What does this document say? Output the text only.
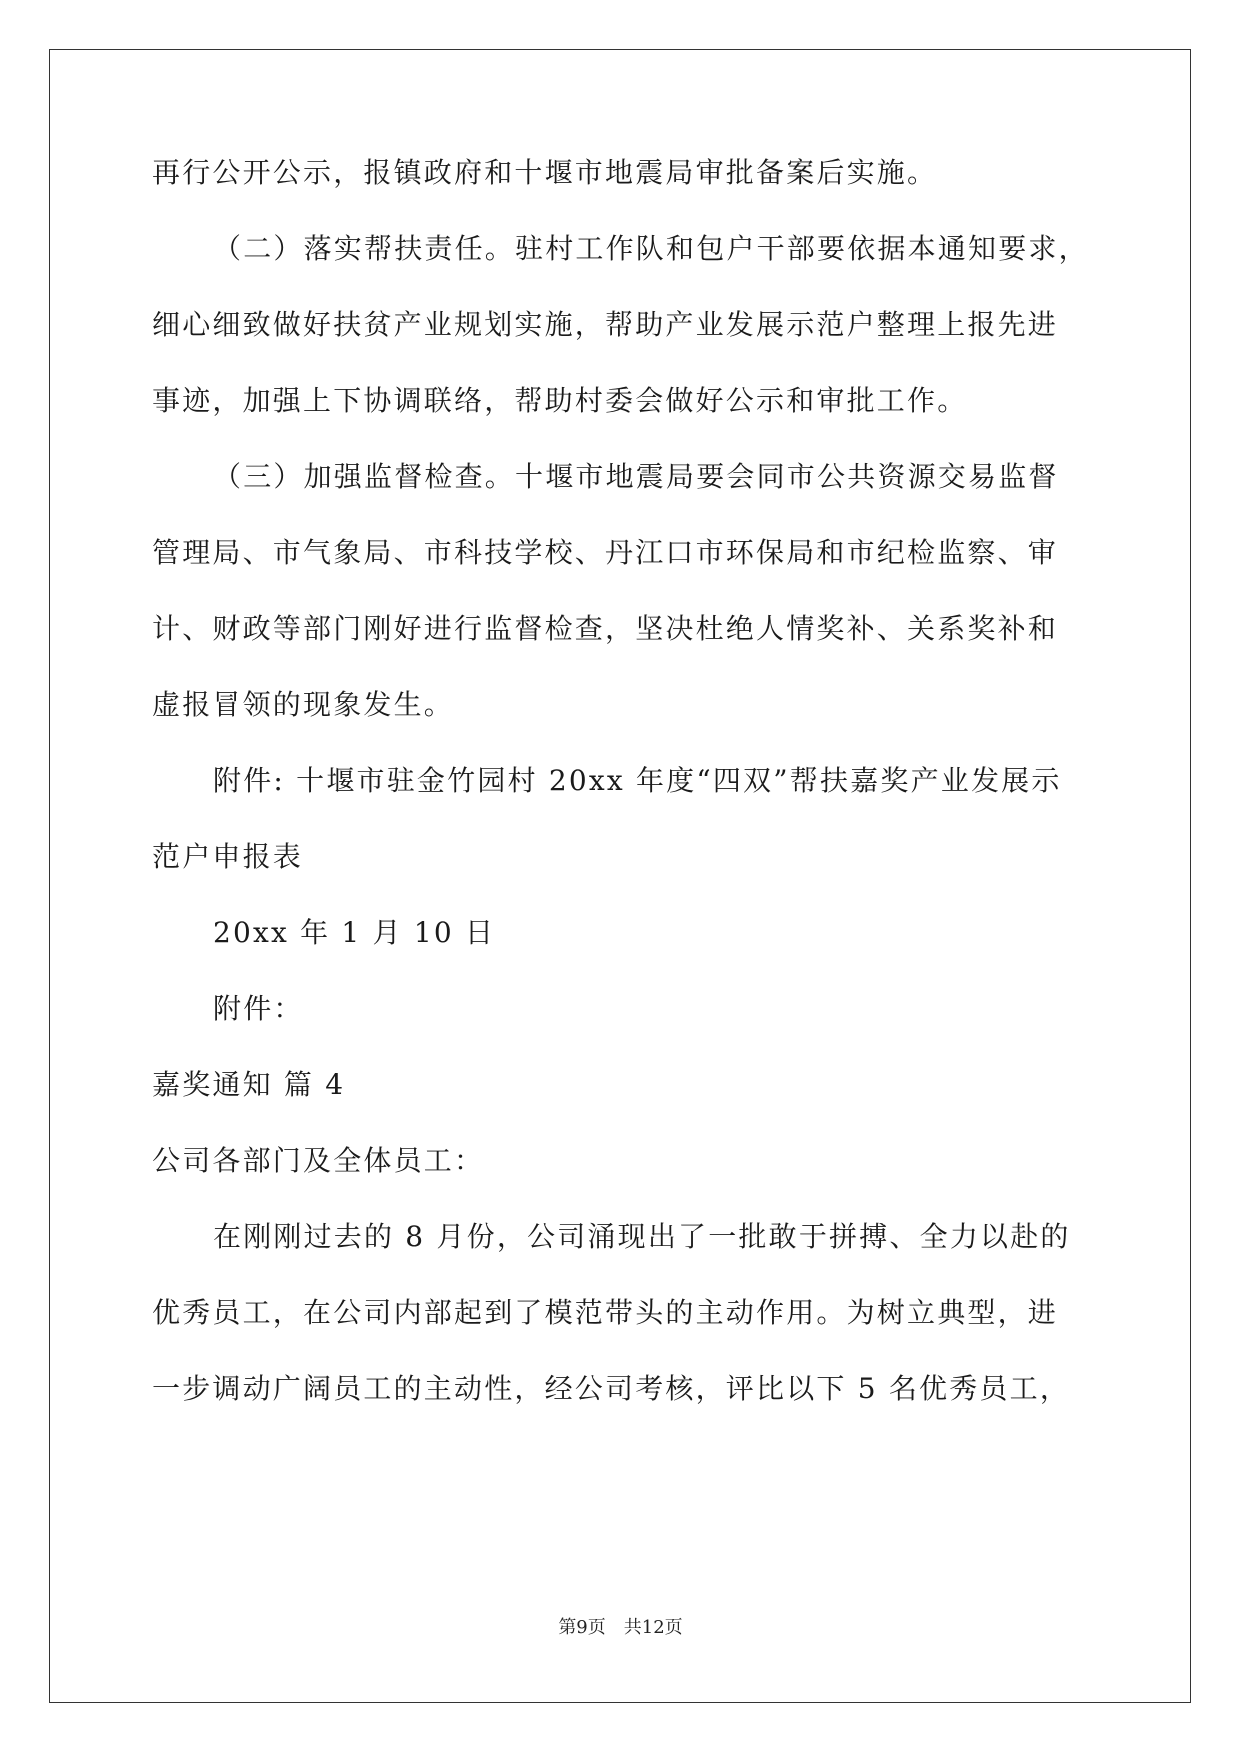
再行公开公示，报镇政府和十堰市地震局审批备案后实施。
（二）落实帮扶责任。驻村工作队和包户干部要依据本通知要求，
细心细致做好扶贫产业规划实施，帮助产业发展示范户整理上报先进
事迹，加强上下协调联络，帮助村委会做好公示和审批工作。
（三）加强监督检查。十堰市地震局要会同市公共资源交易监督
管理局、市气象局、市科技学校、丹江口市环保局和市纪检监察、审
计、财政等部门刚好进行监督检查，坚决杜绝人情奖补、关系奖补和
虚报冒领的现象发生。
附件: 十堰市驻金竹园村 20xx 年度“四双”帮扶嘉奖产业发展示
范户申报表
20xx 年 1 月 10 日
附件：
嘉奖通知 篇 4
公司各部门及全体员工：
在刚刚过去的 8 月份，公司涌现出了一批敢于拼搏、全力以赴的
优秀员工，在公司内部起到了模范带头的主动作用。为树立典型，进
一步调动广阔员工的主动性，经公司考核，评比以下 5 名优秀员工，
第9页 共12页
